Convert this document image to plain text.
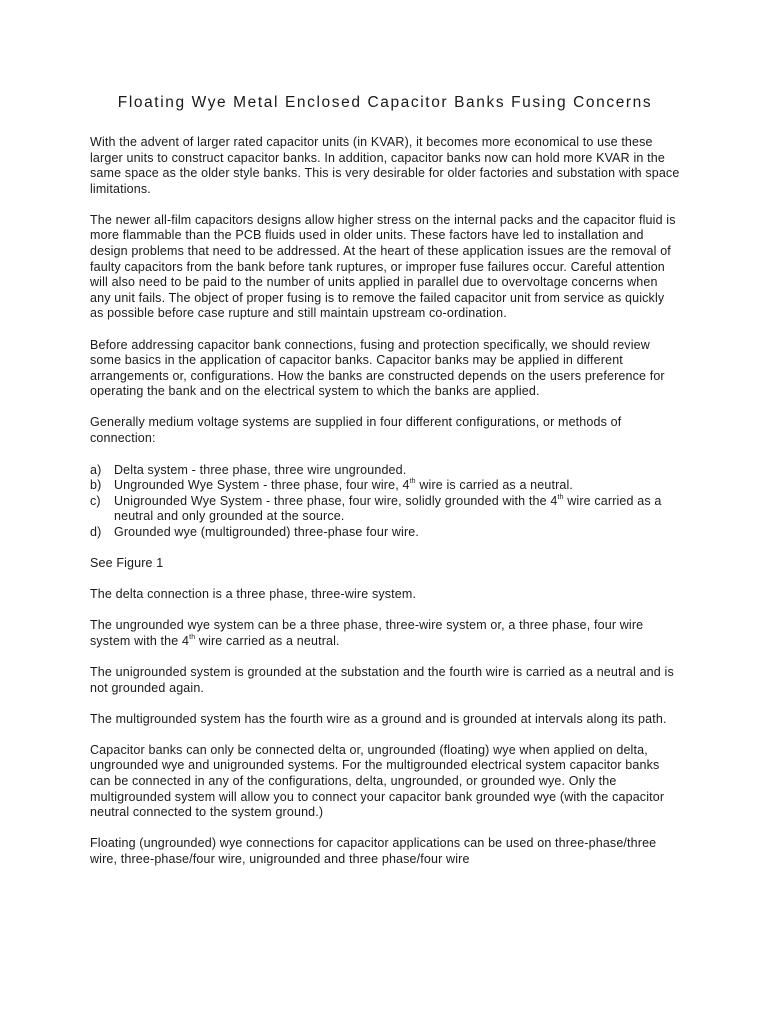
Floating Wye Metal Enclosed Capacitor Banks Fusing Concerns

With the advent of larger rated capacitor units (in KVAR), it becomes more economical to use these larger units to construct capacitor banks. In addition, capacitor banks now can hold more KVAR in the same space as the older style banks. This is very desirable for older factories and substation with space limitations.

The newer all-film capacitors designs allow higher stress on the internal packs and the capacitor fluid is more flammable than the PCB fluids used in older units. These factors have led to installation and design problems that need to be addressed. At the heart of these application issues are the removal of faulty capacitors from the bank before tank ruptures, or improper fuse failures occur. Careful attention will also need to be paid to the number of units applied in parallel due to overvoltage concerns when any unit fails. The object of proper fusing is to remove the failed capacitor unit from service as quickly as possible before case rupture and still maintain upstream co-ordination.

Before addressing capacitor bank connections, fusing and protection specifically, we should review some basics in the application of capacitor banks. Capacitor banks may be applied in different arrangements or, configurations. How the banks are constructed depends on the users preference for operating the bank and on the electrical system to which the banks are applied.

Generally medium voltage systems are supplied in four different configurations, or methods of connection:

a) Delta system - three phase, three wire ungrounded.
b) Ungrounded Wye System - three phase, four wire, 4th wire is carried as a neutral.
c) Unigrounded Wye System - three phase, four wire, solidly grounded with the 4th wire carried as a neutral and only grounded at the source.
d) Grounded wye (multigrounded) three-phase four wire.

See Figure 1

The delta connection is a three phase, three-wire system.

The ungrounded wye system can be a three phase, three-wire system or, a three phase, four wire system with the 4th wire carried as a neutral.

The unigrounded system is grounded at the substation and the fourth wire is carried as a neutral and is not grounded again.

The multigrounded system has the fourth wire as a ground and is grounded at intervals along its path.

Capacitor banks can only be connected delta or, ungrounded (floating) wye when applied on delta, ungrounded wye and unigrounded systems. For the multigrounded electrical system capacitor banks can be connected in any of the configurations, delta, ungrounded, or grounded wye. Only the multigrounded system will allow you to connect your capacitor bank grounded wye (with the capacitor neutral connected to the system ground.)

Floating (ungrounded) wye connections for capacitor applications can be used on three-phase/three wire, three-phase/four wire, unigrounded and three phase/four wire
